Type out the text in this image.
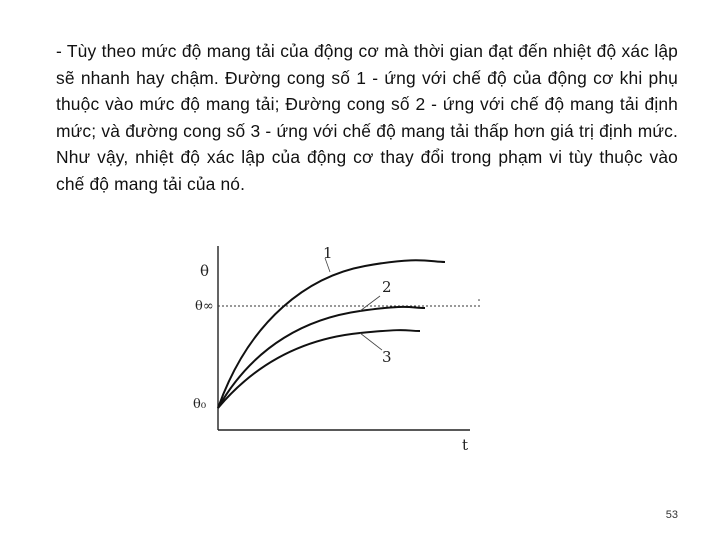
- Tùy theo mức độ mang tải của động cơ mà thời gian đạt đến nhiệt độ xác lập sẽ nhanh hay chậm. Đường cong số 1 - ứng với chế độ của động cơ khi phụ thuộc vào mức độ mang tải; Đường cong số 2 - ứng với chế độ mang tải định mức; và đường cong số 3 - ứng với chế độ mang tải thấp hơn giá trị định mức. Như vậy, nhiệt độ xác lập của động cơ thay đổi trong phạm vi tùy thuộc vào chế độ mang tải của nó.
θ
θ∞
θ₀
t
1
2
3
53
